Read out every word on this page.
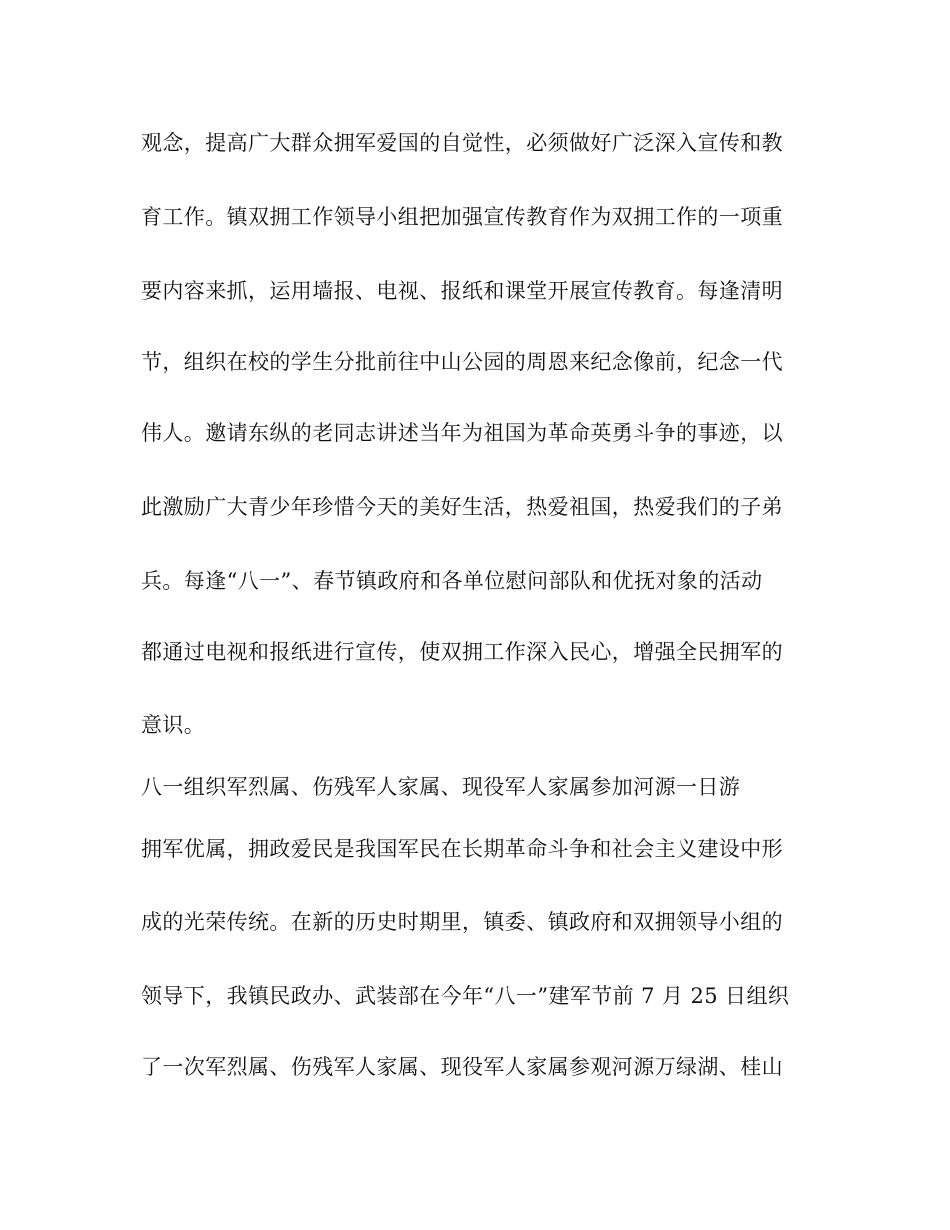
观念，提高广大群众拥军爱国的自觉性，必须做好广泛深入宣传和教
育工作。镇双拥工作领导小组把加强宣传教育作为双拥工作的一项重
要内容来抓，运用墙报、电视、报纸和课堂开展宣传教育。每逢清明
节，组织在校的学生分批前往中山公园的周恩来纪念像前，纪念一代
伟人。邀请东纵的老同志讲述当年为祖国为革命英勇斗争的事迹，以
此激励广大青少年珍惜今天的美好生活，热爱祖国，热爱我们的子弟
兵。每逢“八一”、春节镇政府和各单位慰问部队和优抚对象的活动
都通过电视和报纸进行宣传，使双拥工作深入民心，增强全民拥军的
意识。
八一组织军烈属、伤残军人家属、现役军人家属参加河源一日游
拥军优属，拥政爱民是我国军民在长期革命斗争和社会主义建设中形
成的光荣传统。在新的历史时期里，镇委、镇政府和双拥领导小组的
领导下，我镇民政办、武装部在今年“八一”建军节前 7 月 25 日组织
了一次军烈属、伤残军人家属、现役军人家属参观河源万绿湖、桂山
